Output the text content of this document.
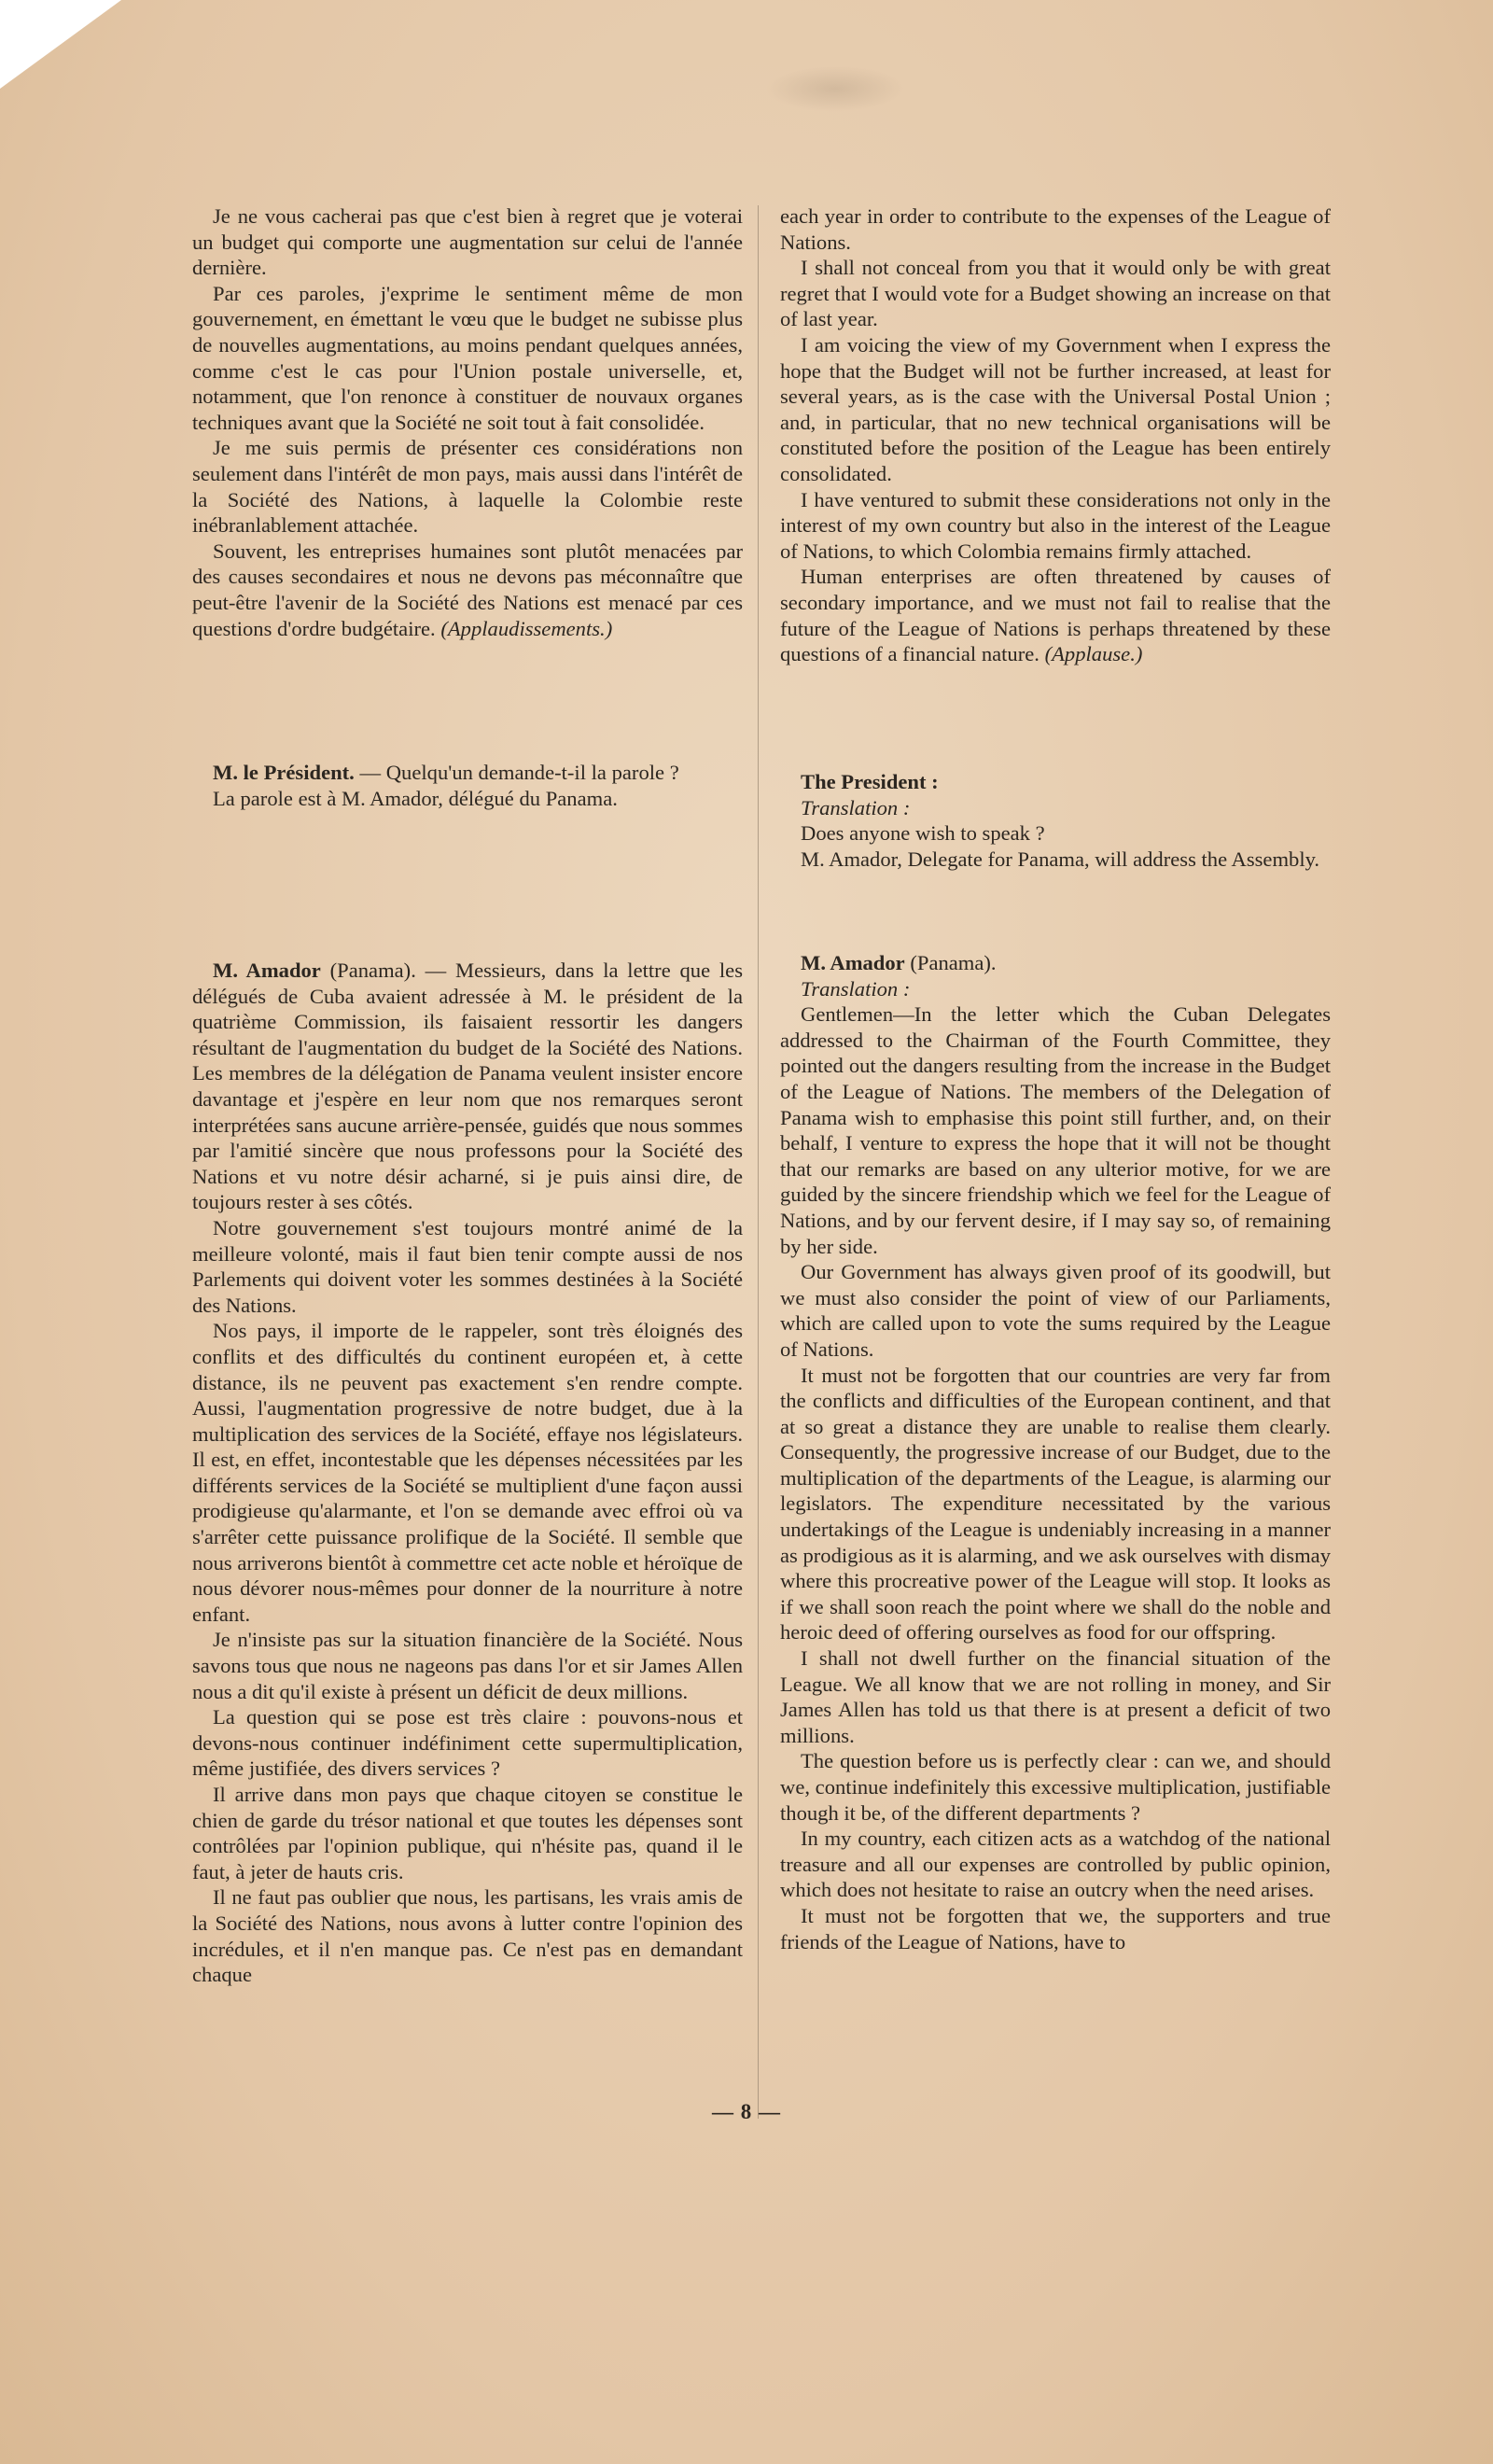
Je ne vous cacherai pas que c'est bien à regret que je voterai un budget qui comporte une augmentation sur celui de l'année dernière.

Par ces paroles, j'exprime le sentiment même de mon gouvernement, en émettant le vœu que le budget ne subisse plus de nouvelles augmentations, au moins pendant quelques années, comme c'est le cas pour l'Union postale universelle, et, notamment, que l'on renonce à constituer de nouvaux organes techniques avant que la Société ne soit tout à fait consolidée.

Je me suis permis de présenter ces considérations non seulement dans l'intérêt de mon pays, mais aussi dans l'intérêt de la Société des Nations, à laquelle la Colombie reste inébranlablement attachée.

Souvent, les entreprises humaines sont plutôt menacées par des causes secondaires et nous ne devons pas méconnaître que peut-être l'avenir de la Société des Nations est menacé par ces questions d'ordre budgétaire. (Applaudissements.)

M. le Président. — Quelqu'un demande-t-il la parole ?

La parole est à M. Amador, délégué du Panama.

M. Amador (Panama). — Messieurs, dans la lettre que les délégués de Cuba avaient adressée à M. le président de la quatrième Commission, ils faisaient ressortir les dangers résultant de l'augmentation du budget de la Société des Nations. Les membres de la délégation de Panama veulent insister encore davantage et j'espère en leur nom que nos remarques seront interprétées sans aucune arrière-pensée, guidés que nous sommes par l'amitié sincère que nous professons pour la Société des Nations et vu notre désir acharné, si je puis ainsi dire, de toujours rester à ses côtés.

Notre gouvernement s'est toujours montré animé de la meilleure volonté, mais il faut bien tenir compte aussi de nos Parlements qui doivent voter les sommes destinées à la Société des Nations.

Nos pays, il importe de le rappeler, sont très éloignés des conflits et des difficultés du continent européen et, à cette distance, ils ne peuvent pas exactement s'en rendre compte. Aussi, l'augmentation progressive de notre budget, due à la multiplication des services de la Société, effaye nos législateurs. Il est, en effet, incontestable que les dépenses nécessitées par les différents services de la Société se multiplient d'une façon aussi prodigieuse qu'alarmante, et l'on se demande avec effroi où va s'arrêter cette puissance prolifique de la Société. Il semble que nous arriverons bientôt à commettre cet acte noble et héroïque de nous dévorer nous-mêmes pour donner de la nourriture à notre enfant.

Je n'insiste pas sur la situation financière de la Société. Nous savons tous que nous ne nageons pas dans l'or et sir James Allen nous a dit qu'il existe à présent un déficit de deux millions.

La question qui se pose est très claire : pouvons-nous et devons-nous continuer indéfiniment cette supermultiplication, même justifiée, des divers services ?

Il arrive dans mon pays que chaque citoyen se constitue le chien de garde du trésor national et que toutes les dépenses sont contrôlées par l'opinion publique, qui n'hésite pas, quand il le faut, à jeter de hauts cris.

Il ne faut pas oublier que nous, les partisans, les vrais amis de la Société des Nations, nous avons à lutter contre l'opinion des incrédules, et il n'en manque pas. Ce n'est pas en demandant chaque

each year in order to contribute to the expenses of the League of Nations.

I shall not conceal from you that it would only be with great regret that I would vote for a Budget showing an increase on that of last year.

I am voicing the view of my Government when I express the hope that the Budget will not be further increased, at least for several years, as is the case with the Universal Postal Union ; and, in particular, that no new technical organisations will be constituted before the position of the League has been entirely consolidated.

I have ventured to submit these considerations not only in the interest of my own country but also in the interest of the League of Nations, to which Colombia remains firmly attached.

Human enterprises are often threatened by causes of secondary importance, and we must not fail to realise that the future of the League of Nations is perhaps threatened by these questions of a financial nature. (Applause.)

The President :

Translation :

Does anyone wish to speak ?

M. Amador, Delegate for Panama, will address the Assembly.

M. Amador (Panama).

Translation :

Gentlemen—In the letter which the Cuban Delegates addressed to the Chairman of the Fourth Committee, they pointed out the dangers resulting from the increase in the Budget of the League of Nations. The members of the Delegation of Panama wish to emphasise this point still further, and, on their behalf, I venture to express the hope that it will not be thought that our remarks are based on any ulterior motive, for we are guided by the sincere friendship which we feel for the League of Nations, and by our fervent desire, if I may say so, of remaining by her side.

Our Government has always given proof of its goodwill, but we must also consider the point of view of our Parliaments, which are called upon to vote the sums required by the League of Nations.

It must not be forgotten that our countries are very far from the conflicts and difficulties of the European continent, and that at so great a distance they are unable to realise them clearly. Consequently, the progressive increase of our Budget, due to the multiplication of the departments of the League, is alarming our legislators. The expenditure necessitated by the various undertakings of the League is undeniably increasing in a manner as prodigious as it is alarming, and we ask ourselves with dismay where this procreative power of the League will stop. It looks as if we shall soon reach the point where we shall do the noble and heroic deed of offering ourselves as food for our offspring.

I shall not dwell further on the financial situation of the League. We all know that we are not rolling in money, and Sir James Allen has told us that there is at present a deficit of two millions.

The question before us is perfectly clear : can we, and should we, continue indefinitely this excessive multiplication, justifiable though it be, of the different departments ?

In my country, each citizen acts as a watchdog of the national treasure and all our expenses are controlled by public opinion, which does not hesitate to raise an outcry when the need arises.

It must not be forgotten that we, the supporters and true friends of the League of Nations, have to

— 8 —
